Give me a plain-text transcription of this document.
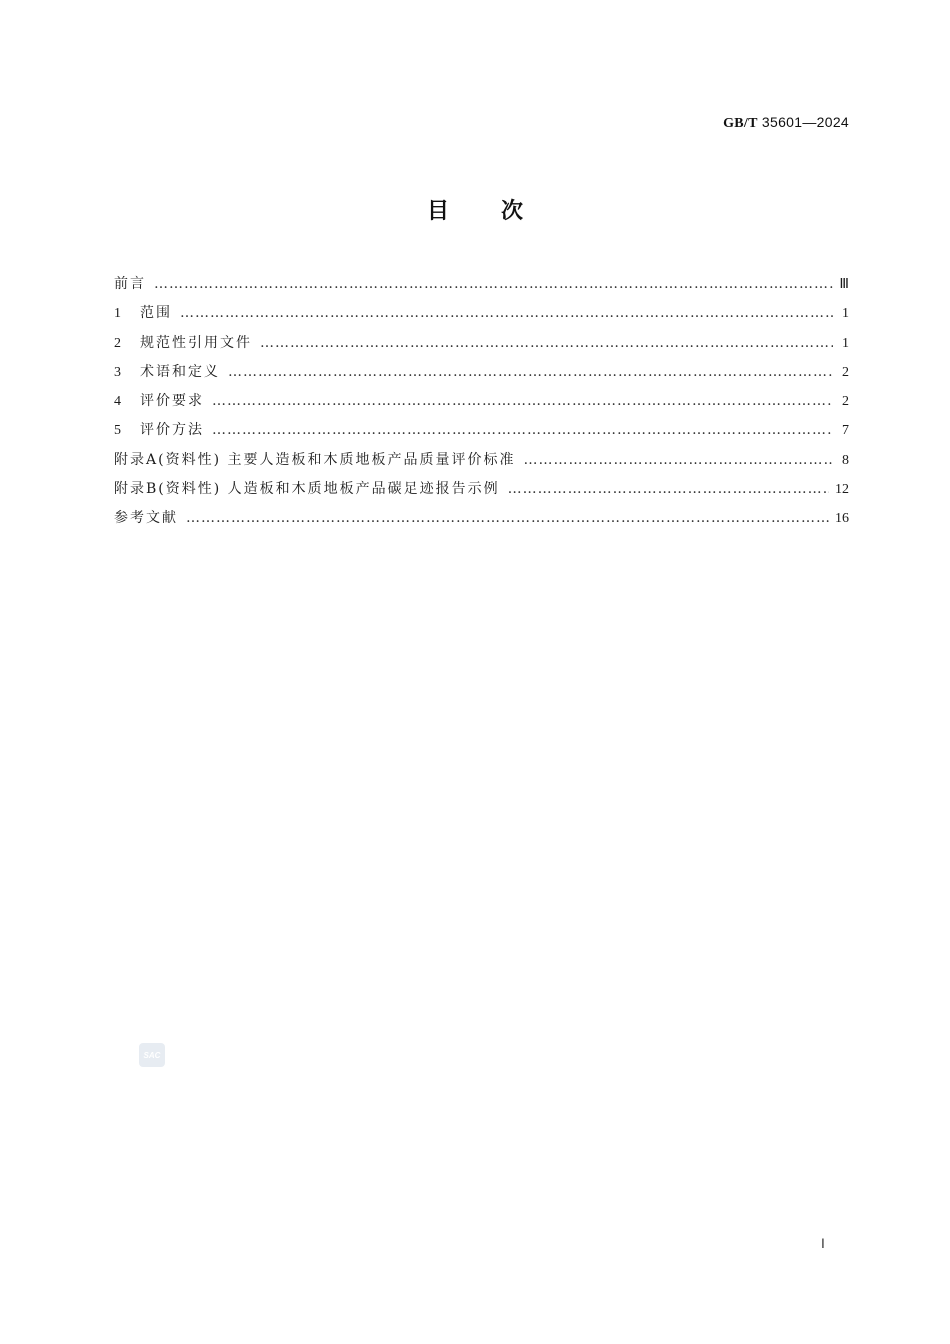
GB/T 35601—2024
目次
前言 ……………………………………………………………………………………………………………………………………………………………………………………	Ⅲ
1	范围 ……………………………………………………………………………………………………………………………………………………………………………………	1
2	规范性引用文件 ……………………………………………………………………………………………………………………………………………………………………………………	1
3	术语和定义 ……………………………………………………………………………………………………………………………………………………………………………………	2
4	评价要求 ……………………………………………………………………………………………………………………………………………………………………………………	2
5	评价方法 ……………………………………………………………………………………………………………………………………………………………………………………	7
附录A(资料性) 主要人造板和木质地板产品质量评价标准 ……………………………………………………………………………………………………………………………………………………………………………………	8
附录B(资料性) 人造板和木质地板产品碳足迹报告示例 ……………………………………………………………………………………………………………………………………………………………………………………	12
参考文献 ……………………………………………………………………………………………………………………………………………………………………………………	16
SAC
Ⅰ
